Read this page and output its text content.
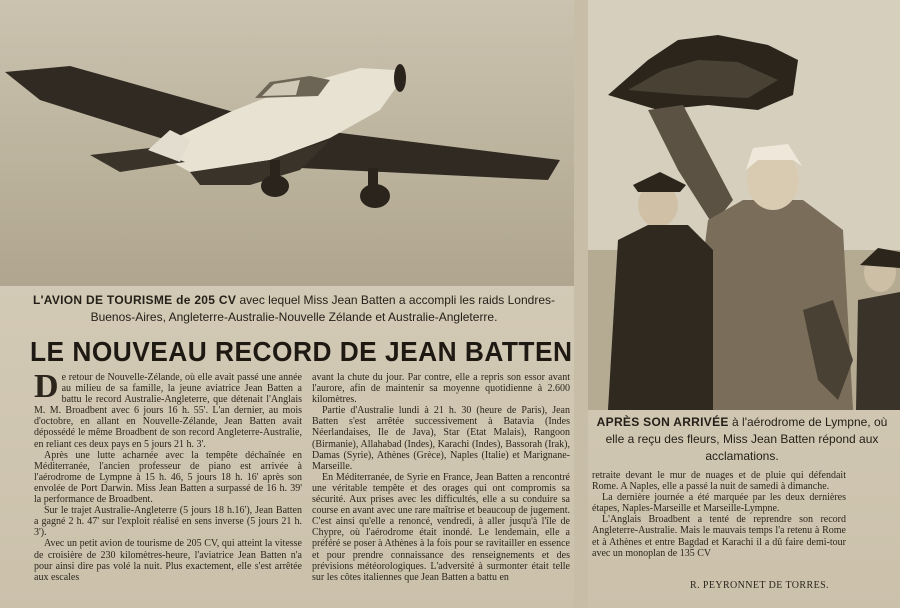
L'AVION DE TOURISME de 205 CV avec lequel Miss Jean Batten a accompli les raids Londres-Buenos-Aires, Angleterre-Australie-Nouvelle Zélande et Australie-Angleterre.
LE NOUVEAU RECORD DE JEAN BATTEN

De retour de Nouvelle-Zélande, où elle avait passé une année au milieu de sa famille, la jeune aviatrice Jean Batten a battu le record Australie-Angleterre, que détenait l'Anglais M. M. Broadbent avec 6 jours 16 h. 55'. L'an dernier, au mois d'octobre, en allant en Nouvelle-Zélande, Jean Batten avait dépossédé le même Broadbent de son record Angleterre-Australie, en reliant ces deux pays en 5 jours 21 h. 3'.

Après une lutte acharnée avec la tempête déchaînée en Méditerranée, l'ancien professeur de piano est arrivée à l'aérodrome de Lympne à 15 h. 46, 5 jours 18 h. 16' après son envolée de Port Darwin. Miss Jean Batten a surpassé de 16 h. 39' la performance de Broadbent.

Sur le trajet Australie-Angleterre (5 jours 18 h.16'), Jean Batten a gagné 2 h. 47' sur l'exploit réalisé en sens inverse (5 jours 21 h. 3').

Avec un petit avion de tourisme de 205 CV, qui atteint la vitesse de croisière de 230 kilomètres-heure, l'aviatrice Jean Batten n'a pour ainsi dire pas volé la nuit. Plus exactement, elle s'est arrêtée aux escales

avant la chute du jour. Par contre, elle a repris son essor avant l'aurore, afin de maintenir sa moyenne quotidienne à 2.600 kilomètres.

Partie d'Australie lundi à 21 h. 30 (heure de Paris), Jean Batten s'est arrêtée successivement à Batavia (Indes Néerlandaises, Ile de Java), Star (Etat Malais), Rangoon (Birmanie), Allahabad (Indes), Karachi (Indes), Bassorah (Irak), Damas (Syrie), Athènes (Grèce), Naples (Italie) et Marignane-Marseille.

En Méditerranée, de Syrie en France, Jean Batten a rencontré une véritable tempête et des orages qui ont compromis sa sécurité. Aux prises avec les difficultés, elle a su conduire sa course en avant avec une rare maîtrise et beaucoup de jugement. C'est ainsi qu'elle a renoncé, vendredi, à aller jusqu'à l'île de Chypre, où l'aérodrome était inondé. Le lendemain, elle a préféré se poser à Athènes à la fois pour se ravitailler en essence et pour prendre connaissance des renseignements et des prévisions météorologiques. L'adversité à surmonter était telle sur les côtes italiennes que Jean Batten a battu en

APRÈS SON ARRIVÉE à l'aérodrome de Lympne, où elle a reçu des fleurs, Miss Jean Batten répond aux acclamations.

retraite devant le mur de nuages et de pluie qui défendait Rome. A Naples, elle a passé la nuit de samedi à dimanche.

La dernière journée a été marquée par les deux dernières étapes, Naples-Marseille et Marseille-Lympne.

L'Anglais Broadbent a tenté de reprendre son record Angleterre-Australie. Mais le mauvais temps l'a retenu à Rome et à Athènes et entre Bagdad et Karachi il a dû faire demi-tour avec un monoplan de 135 CV

R. PEYRONNET DE TORRES.
